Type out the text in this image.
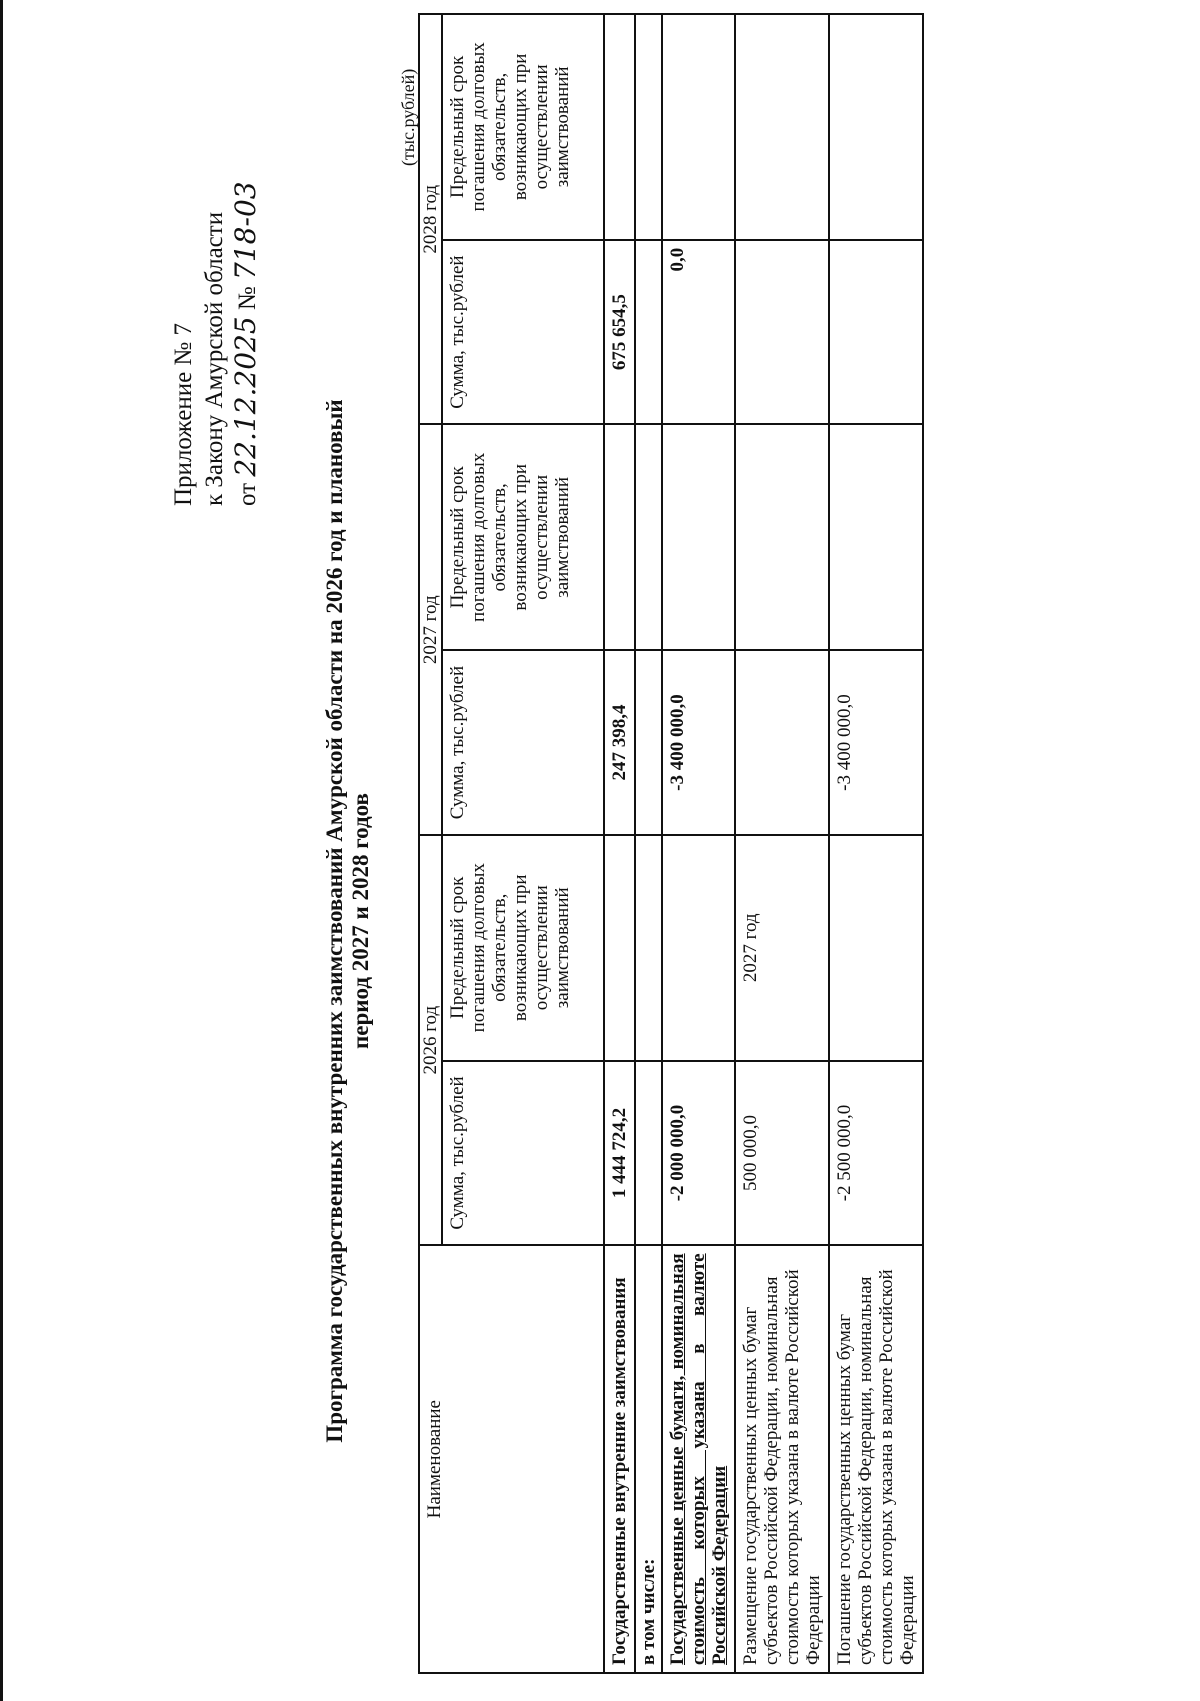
Приложение № 7 к Закону Амурской области от 22.12.2025 № 718-03
Программа государственных внутренних заимствований Амурской области на 2026 год и плановый период 2027 и 2028 годов
(тыс.рублей)
Наименование	2026 год		2027 год		2028 год	
	Сумма, тыс.рублей	Предельный срок погашения долговых обязательств, возникающих при осуществлении заимствований	Сумма, тыс.рублей	Предельный срок погашения долговых обязательств, возникающих при осуществлении заимствований	Сумма, тыс.рублей	Предельный срок погашения долговых обязательств, возникающих при осуществлении заимствований
Государственные внутренние заимствования	1 444 724,2		247 398,4		675 654,5	
в том числе:						
Государственные ценные бумаги, номинальная стоимость которых указана в валюте Российской Федерации	-2 000 000,0		-3 400 000,0		0,0	
Размещение государственных ценных бумаг субъектов Российской Федерации, номинальная стоимость которых указана в валюте Российской Федерации	500 000,0	2027 год				
Погашение государственных ценных бумаг субъектов Российской Федерации, номинальная стоимость которых указана в валюте Российской Федерации	-2 500 000,0		-3 400 000,0			
